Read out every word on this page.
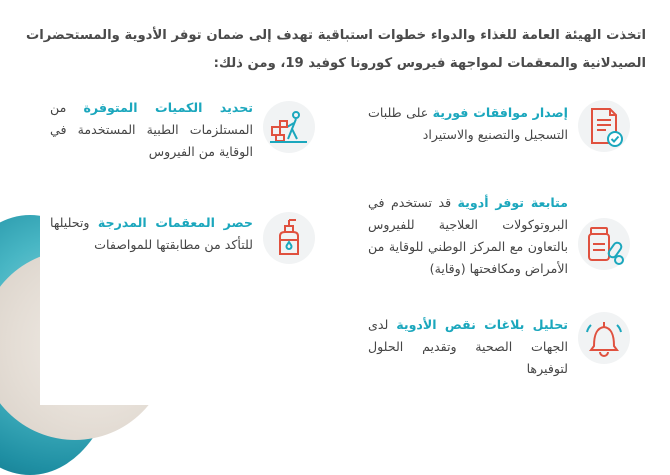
اتخذت الهيئة العامة للغذاء والدواء خطوات استباقية تهدف إلى ضمان توفر الأدوية والمستحضرات الصيدلانية والمعقمات لمواجهة فيروس كورونا كوفيد 19، ومن ذلك:
إصدار موافقات فورية على طلبات التسجيل والتصنيع والاستيراد
متابعة توفر أدوية قد تستخدم في البروتوكولات العلاجية للفيروس بالتعاون مع المركز الوطني للوقاية من الأمراض ومكافحتها (وقاية)
تحليل بلاغات نقص الأدوية لدى الجهات الصحية وتقديم الحلول لتوفيرها
تحديد الكميات المتوفرة من المستلزمات الطبية المستخدمة في الوقاية من الفيروس
حصر المعقمات المدرجة وتحليلها للتأكد من مطابقتها للمواصفات
